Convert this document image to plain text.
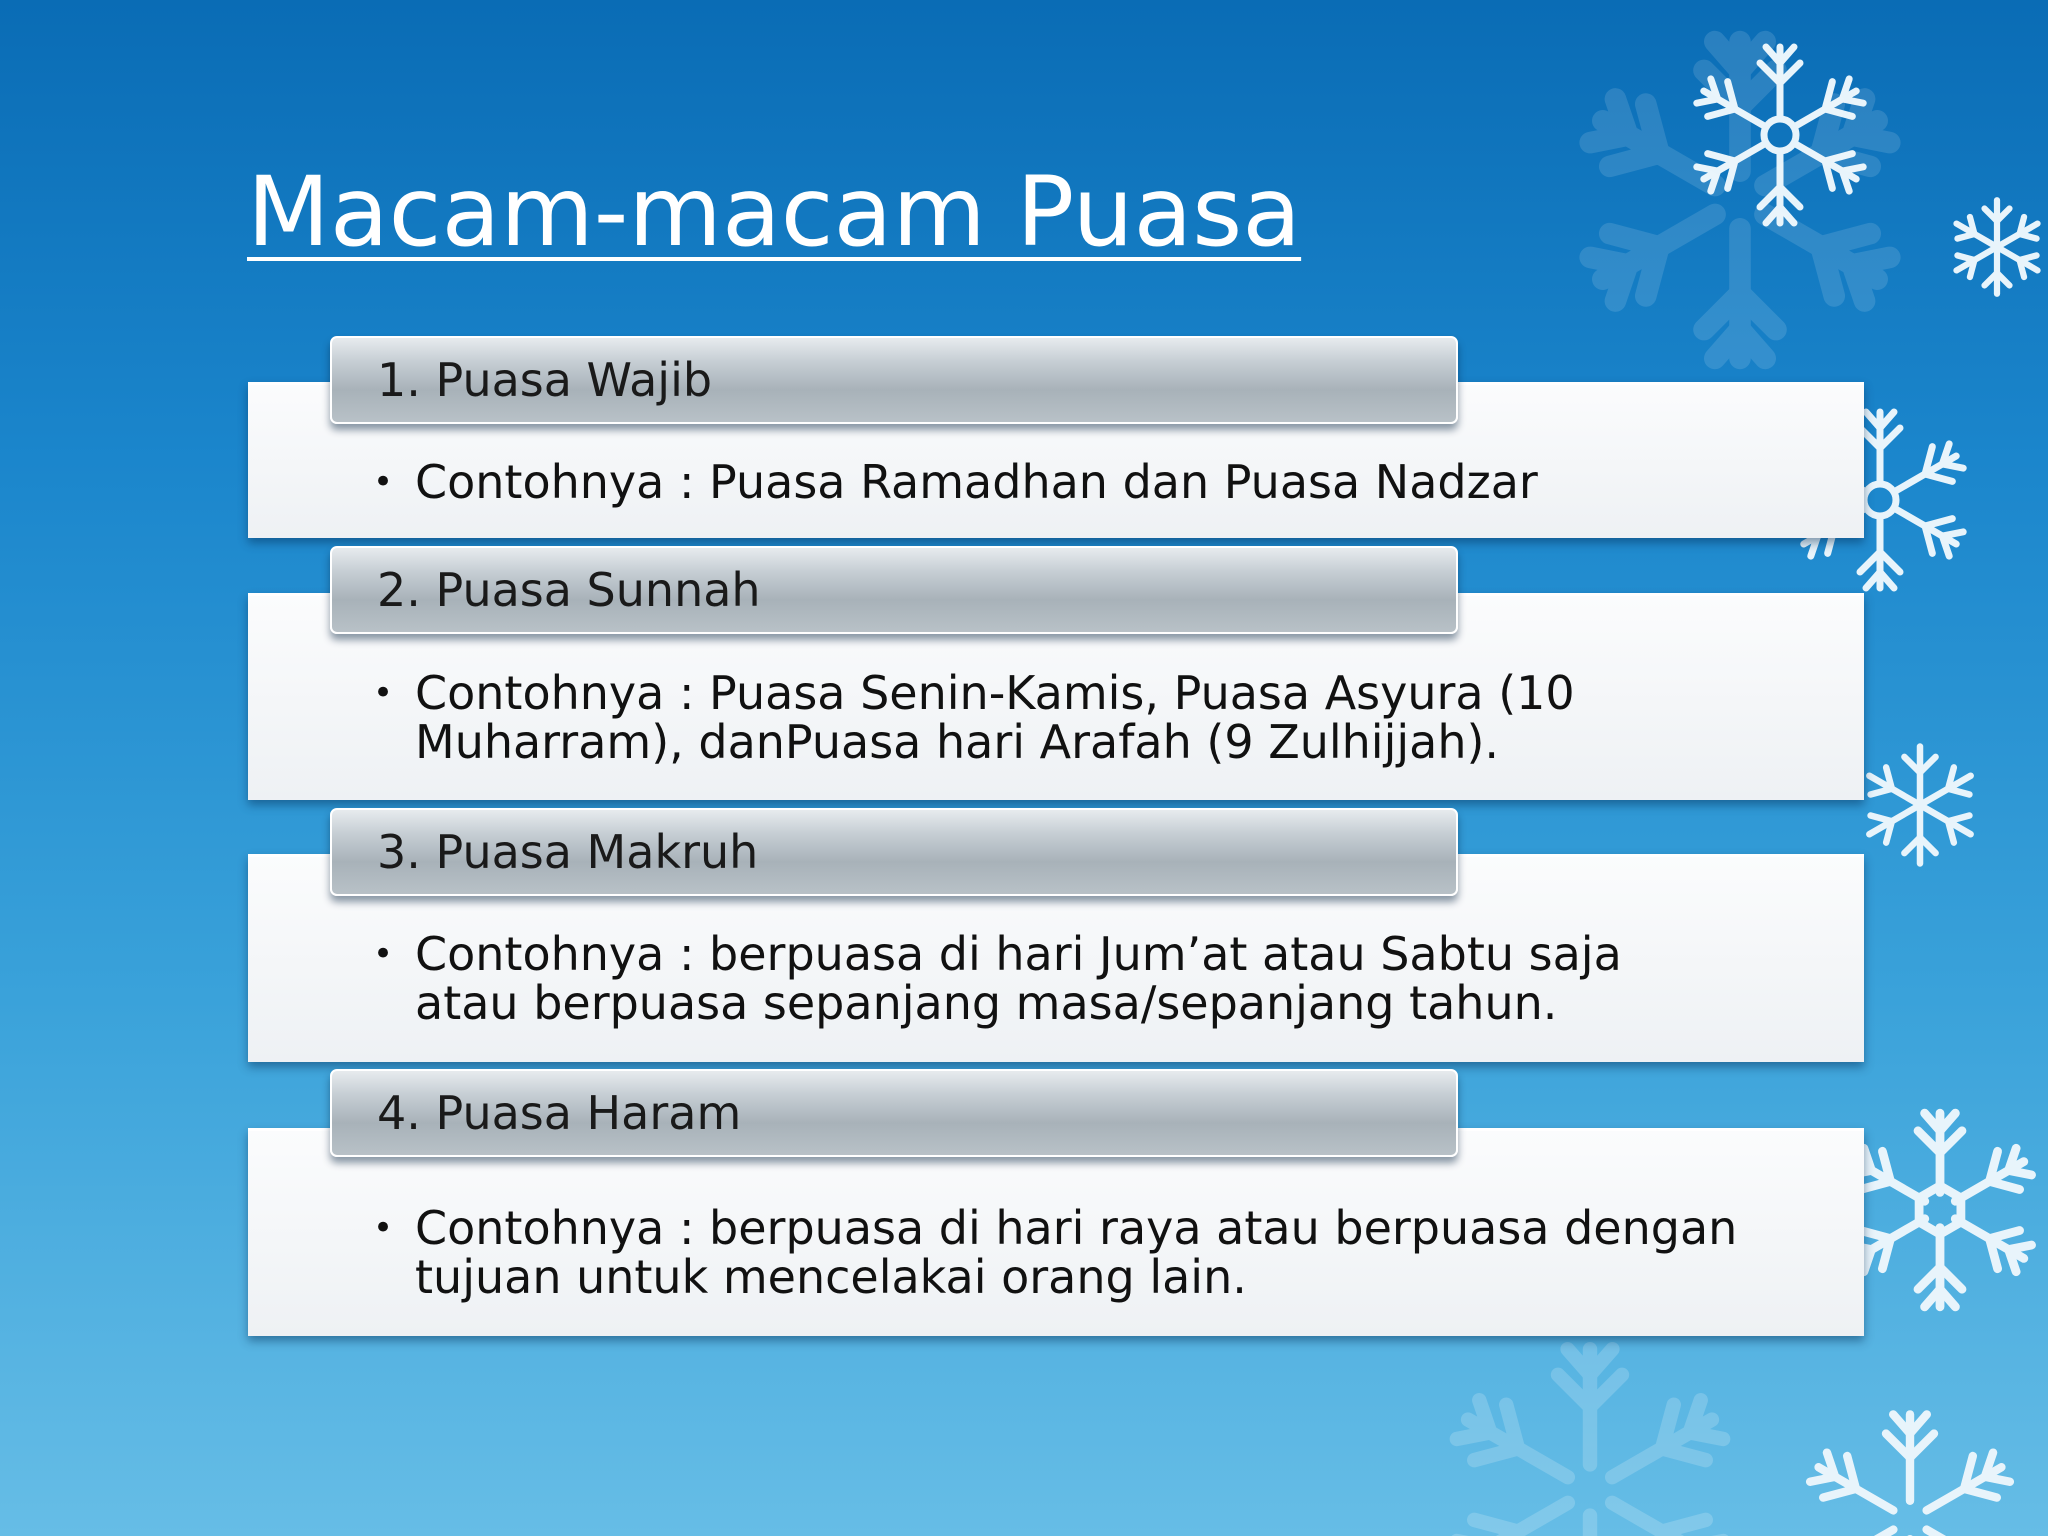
Macam-macam Puasa
1. Puasa Wajib
• Contohnya : Puasa Ramadhan dan Puasa Nadzar
2. Puasa Sunnah
• Contohnya : Puasa Senin-Kamis, Puasa Asyura (10
Muharram), danPuasa hari Arafah (9 Zulhijjah).
3. Puasa Makruh
• Contohnya : berpuasa di hari Jum’at atau Sabtu saja
atau berpuasa sepanjang masa/sepanjang tahun.
4. Puasa Haram
• Contohnya : berpuasa di hari raya atau berpuasa dengan
tujuan untuk mencelakai orang lain.
